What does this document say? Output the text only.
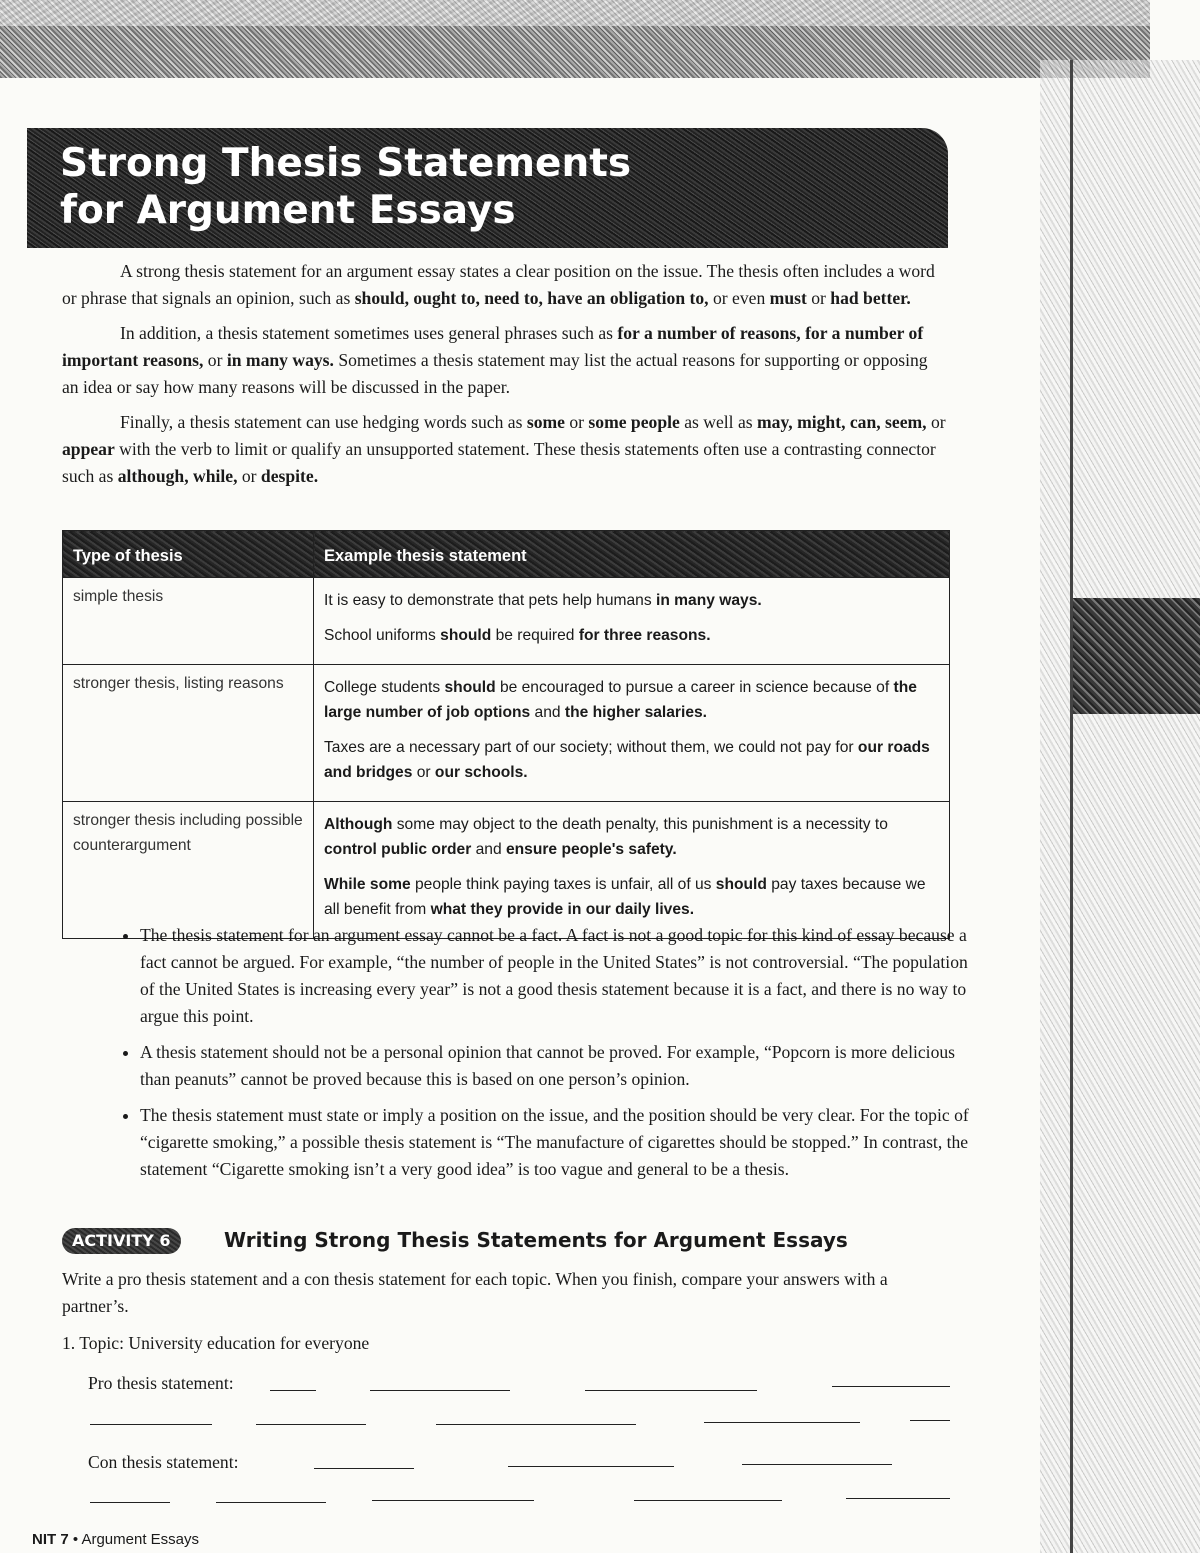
Strong Thesis Statements
for Argument Essays

A strong thesis statement for an argument essay states a clear position on the issue. The thesis often includes a word or phrase that signals an opinion, such as should, ought to, need to, have an obligation to, or even must or had better.

In addition, a thesis statement sometimes uses general phrases such as for a number of reasons, for a number of important reasons, or in many ways. Sometimes a thesis statement may list the actual reasons for supporting or opposing an idea or say how many reasons will be discussed in the paper.

Finally, a thesis statement can use hedging words such as some or some people as well as may, might, can, seem, or appear with the verb to limit or qualify an unsupported statement. These thesis statements often use a contrasting connector such as although, while, or despite.

Type of thesis	Example thesis statement
simple thesis	It is easy to demonstrate that pets help humans in many ways.
School uniforms should be required for three reasons.

stronger thesis, listing reasons	College students should be encouraged to pursue a career in science because of the large number of job options and the higher salaries.
Taxes are a necessary part of our society; without them, we could not pay for our roads and bridges or our schools.

stronger thesis including possible counterargument	Although some may object to the death penalty, this punishment is a necessity to control public order and ensure people's safety.
While some people think paying taxes is unfair, all of us should pay taxes because we all benefit from what they provide in our daily lives.
• The thesis statement for an argument essay cannot be a fact. A fact is not a good topic for this kind of essay because a fact cannot be argued. For example, “the number of people in the United States” is not controversial. “The population of the United States is increasing every year” is not a good thesis statement because it is a fact, and there is no way to argue this point.
• A thesis statement should not be a personal opinion that cannot be proved. For example, “Popcorn is more delicious than peanuts” cannot be proved because this is based on one person’s opinion.
• The thesis statement must state or imply a position on the issue, and the position should be very clear. For the topic of “cigarette smoking,” a possible thesis statement is “The manufacture of cigarettes should be stopped.” In contrast, the statement “Cigarette smoking isn’t a very good idea” is too vague and general to be a thesis.
ACTIVITY 6	Writing Strong Thesis Statements for Argument Essays

Write a pro thesis statement and a con thesis statement for each topic. When you finish, compare your answers with a partner’s.

1. Topic: University education for everyone
Pro thesis statement:
Con thesis statement:
NIT 7 • Argument Essays
